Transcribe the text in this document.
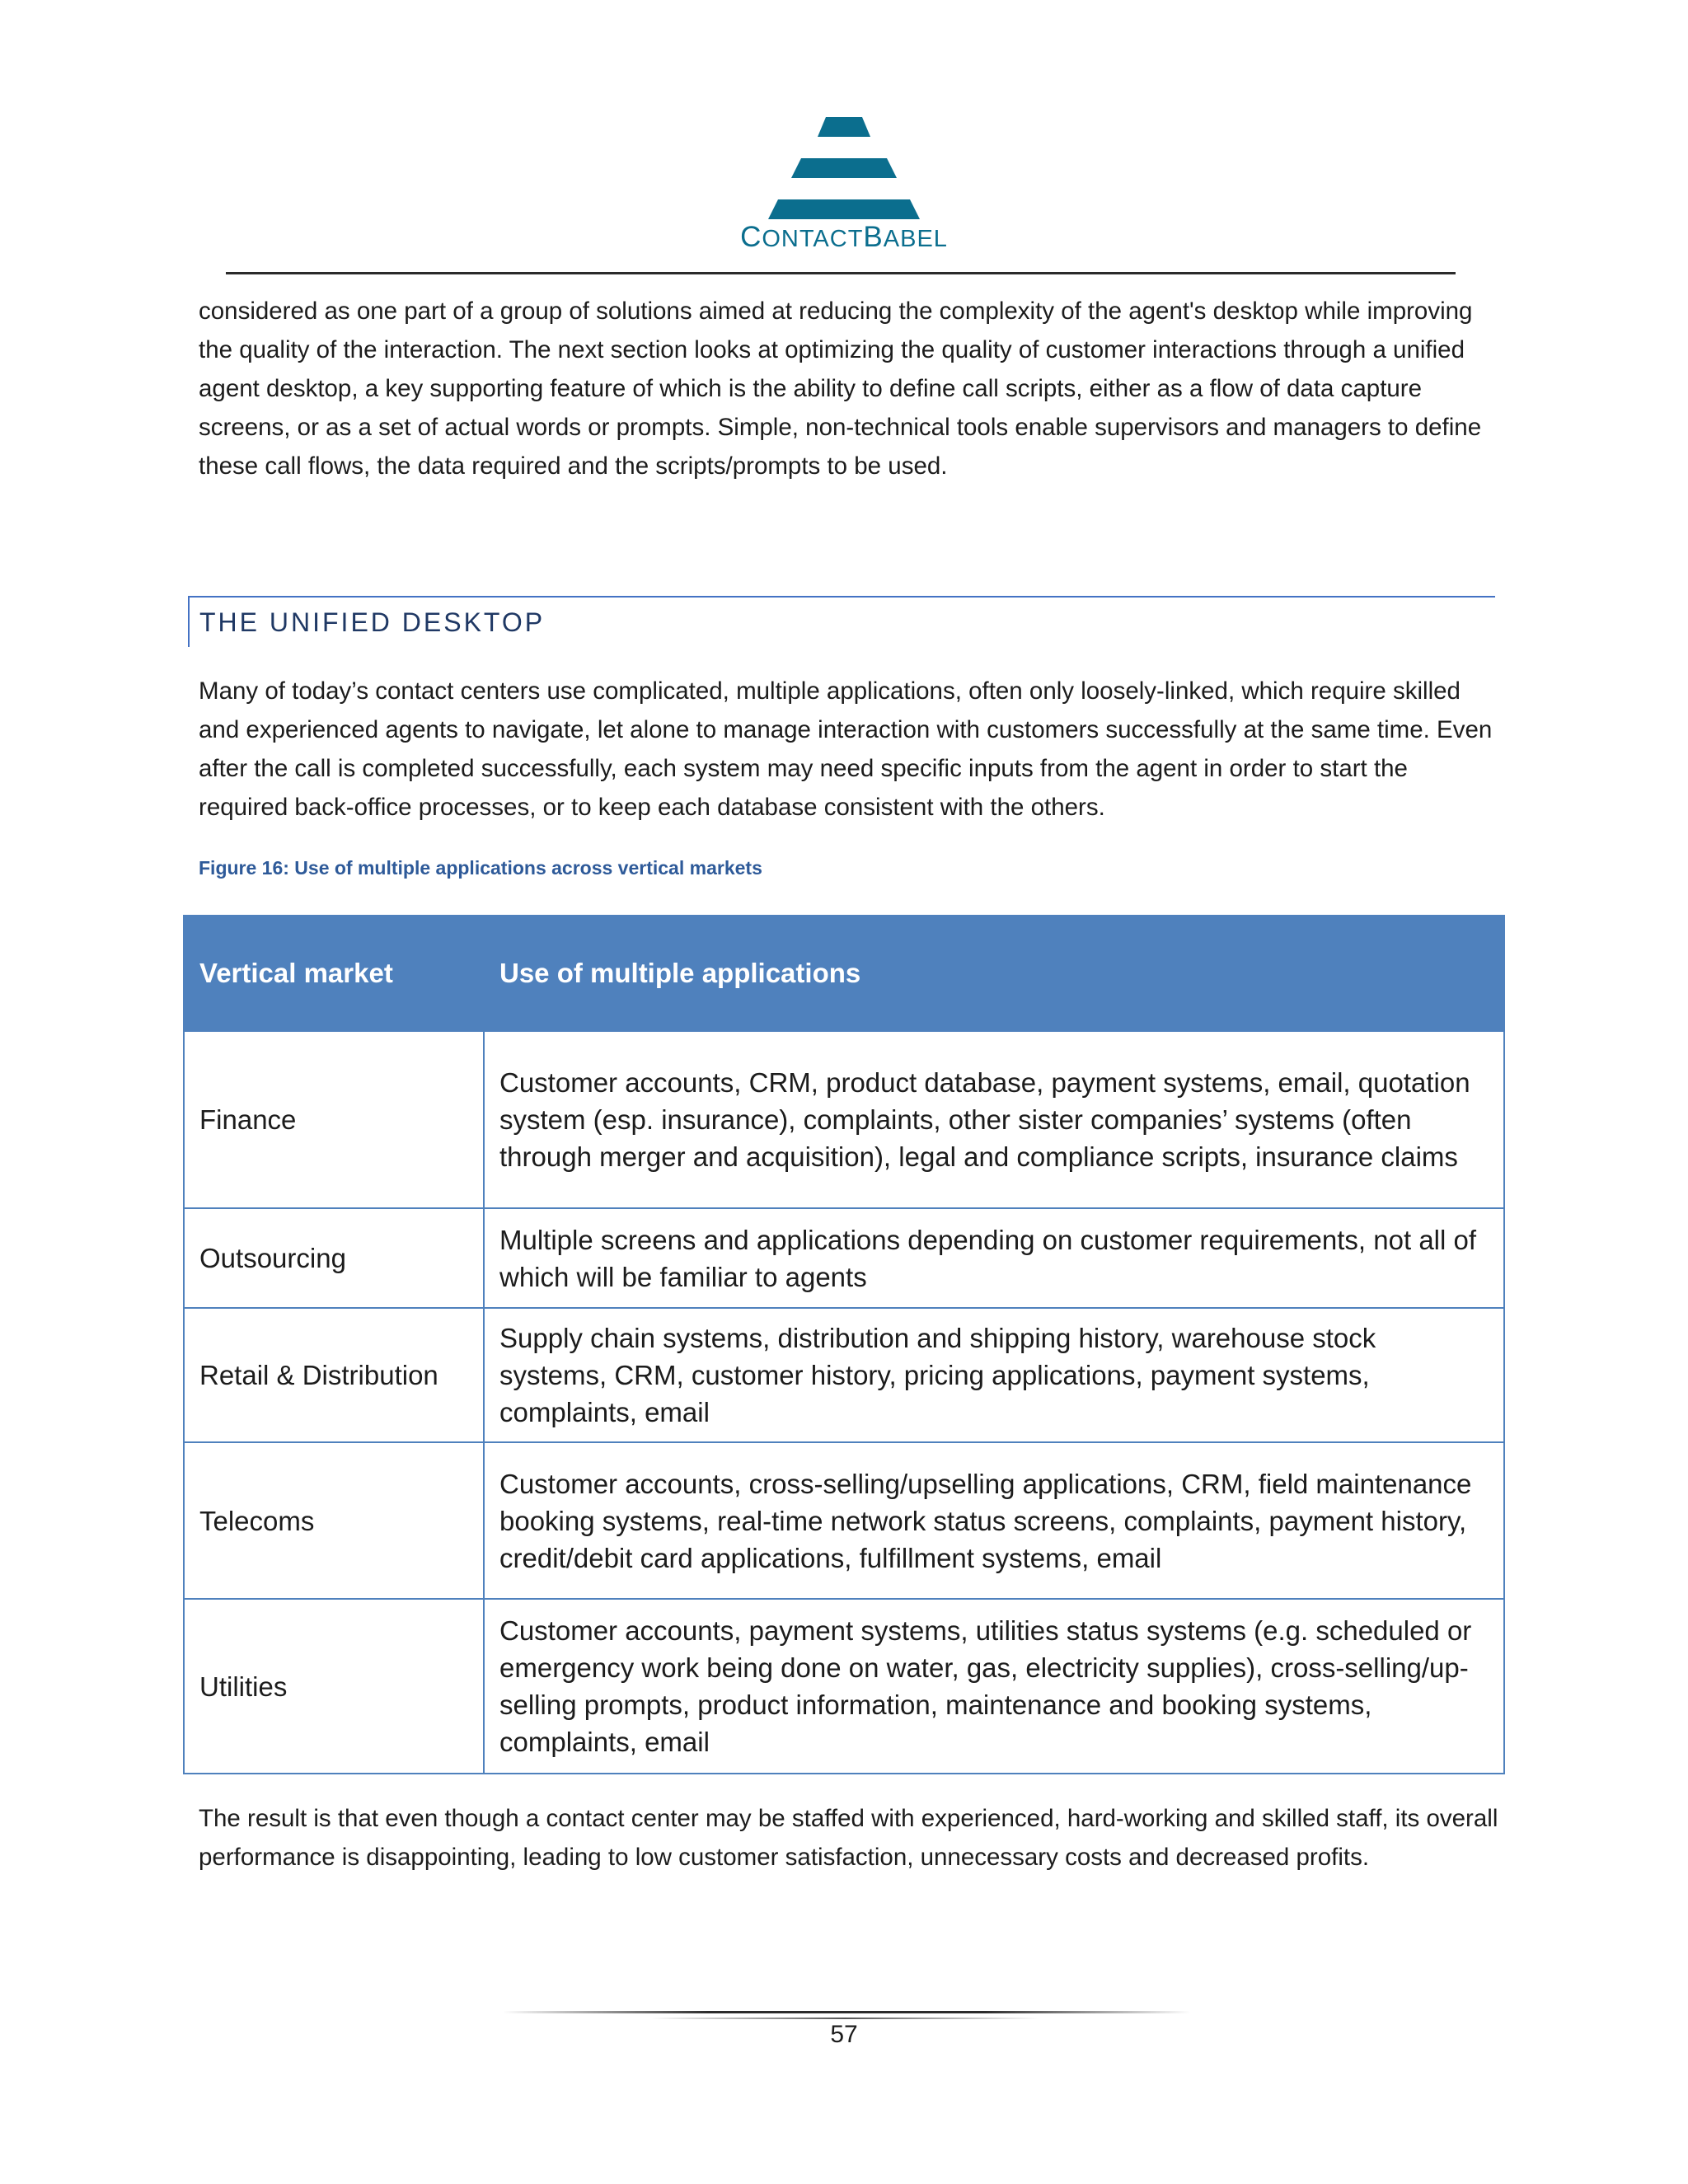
CONTACTBABEL

considered as one part of a group of solutions aimed at reducing the complexity of the agent's desktop while improving the quality of the interaction. The next section looks at optimizing the quality of customer interactions through a unified agent desktop, a key supporting feature of which is the ability to define call scripts, either as a flow of data capture screens, or as a set of actual words or prompts. Simple, non-technical tools enable supervisors and managers to define these call flows, the data required and the scripts/prompts to be used.

THE UNIFIED DESKTOP

Many of today’s contact centers use complicated, multiple applications, often only loosely-linked, which require skilled and experienced agents to navigate, let alone to manage interaction with customers successfully at the same time. Even after the call is completed successfully, each system may need specific inputs from the agent in order to start the required back-office processes, or to keep each database consistent with the others.

Figure 16: Use of multiple applications across vertical markets
Vertical market	Use of multiple applications
Finance	Customer accounts, CRM, product database, payment systems, email, quotation system (esp. insurance), complaints, other sister companies’ systems (often through merger and acquisition), legal and compliance scripts, insurance claims
Outsourcing	Multiple screens and applications depending on customer requirements, not all of which will be familiar to agents
Retail & Distribution	Supply chain systems, distribution and shipping history, warehouse stock systems, CRM, customer history, pricing applications, payment systems, complaints, email
Telecoms	Customer accounts, cross-selling/upselling applications, CRM, field maintenance booking systems, real-time network status screens, complaints, payment history, credit/debit card applications, fulfillment systems, email
Utilities	Customer accounts, payment systems, utilities status systems (e.g. scheduled or emergency work being done on water, gas, electricity supplies), cross-selling/up-selling prompts, product information, maintenance and booking systems, complaints, email

The result is that even though a contact center may be staffed with experienced, hard-working and skilled staff, its overall performance is disappointing, leading to low customer satisfaction, unnecessary costs and decreased profits.

57
